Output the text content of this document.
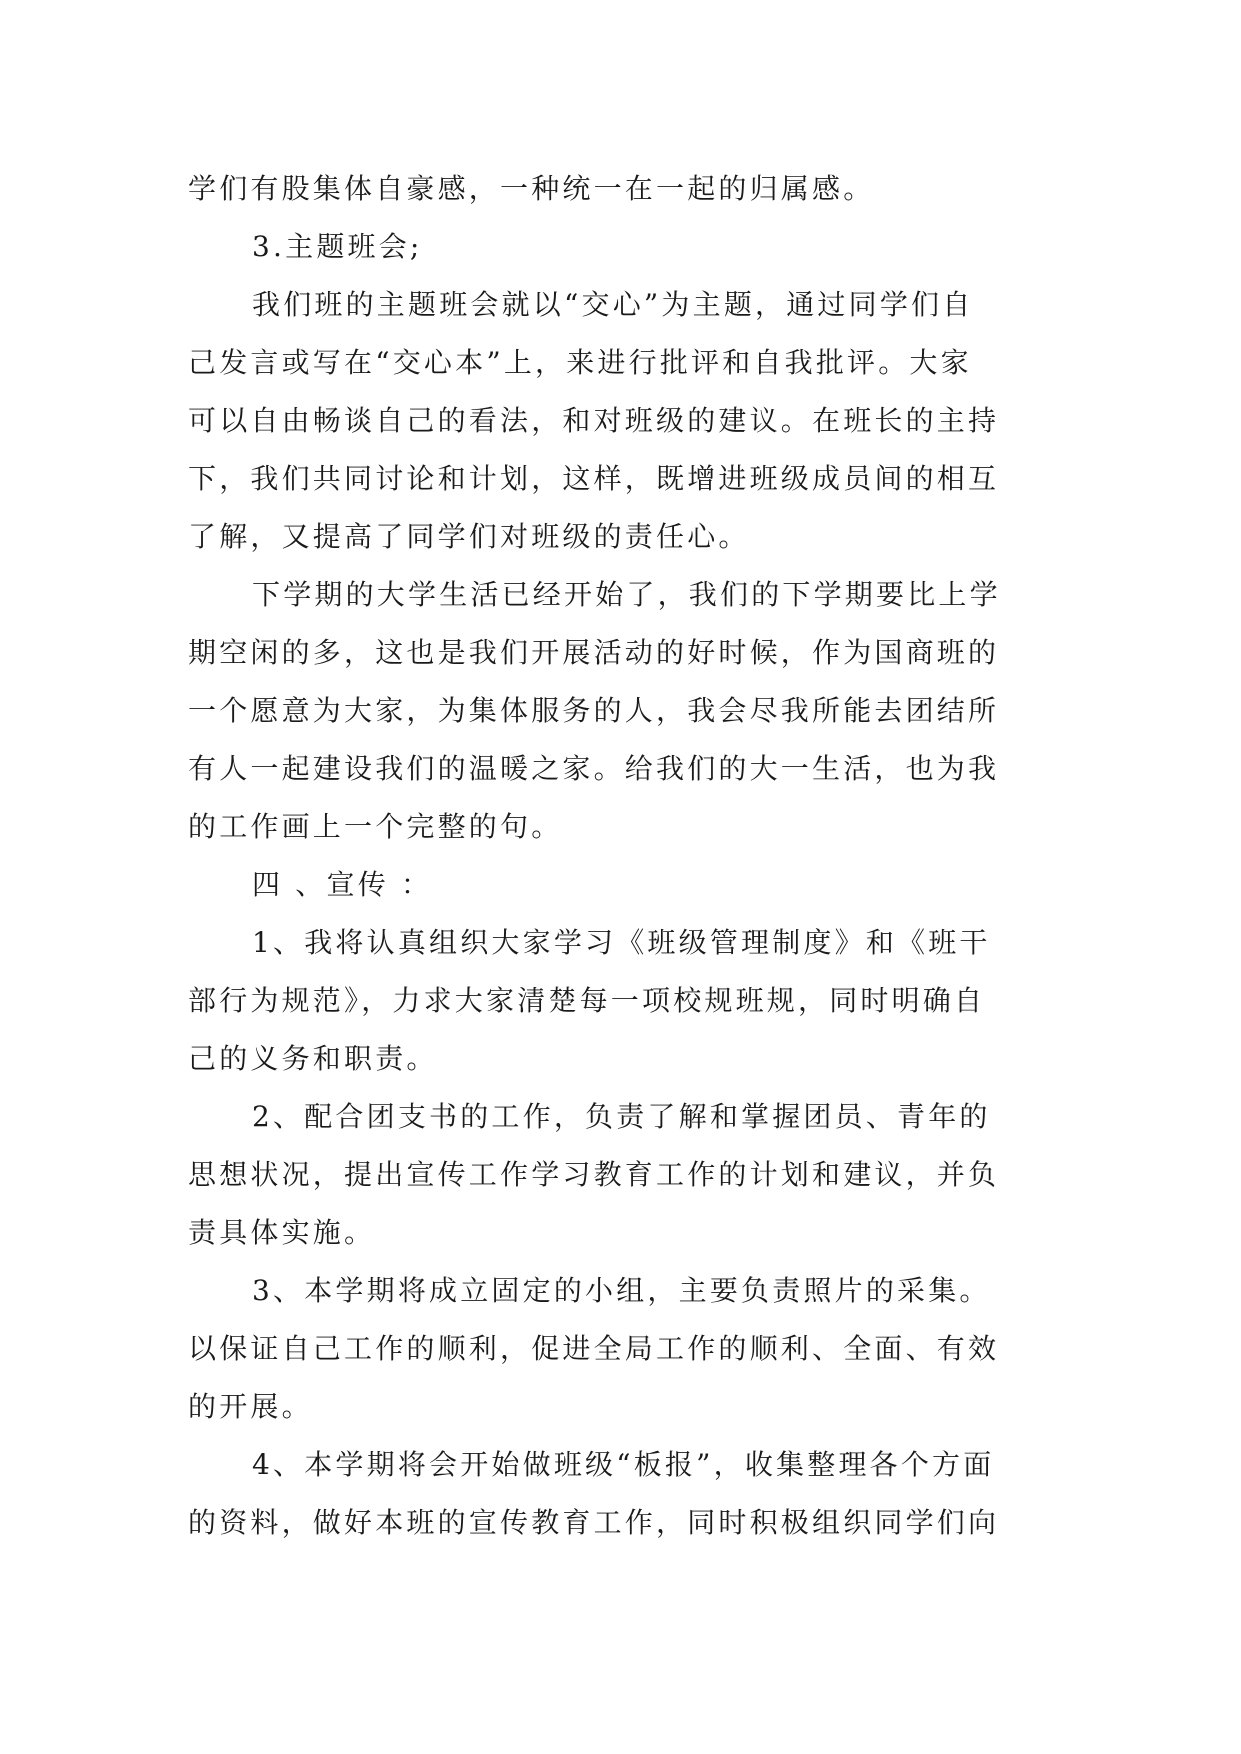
学们有股集体自豪感，一种统一在一起的归属感。
3.主题班会;
我们班的主题班会就以“交心”为主题，通过同学们自
己发言或写在“交心本”上，来进行批评和自我批评。大家
可以自由畅谈自己的看法，和对班级的建议。在班长的主持
下，我们共同讨论和计划，这样，既增进班级成员间的相互
了解，又提高了同学们对班级的责任心。
下学期的大学生活已经开始了，我们的下学期要比上学
期空闲的多，这也是我们开展活动的好时候，作为国商班的
一个愿意为大家，为集体服务的人，我会尽我所能去团结所
有人一起建设我们的温暖之家。给我们的大一生活，也为我
的工作画上一个完整的句。
四 、宣传 ：
1、我将认真组织大家学习《班级管理制度》和《班干
部行为规范》，力求大家清楚每一项校规班规，同时明确自
己的义务和职责。
2、配合团支书的工作，负责了解和掌握团员、青年的
思想状况，提出宣传工作学习教育工作的计划和建议，并负
责具体实施。
3、本学期将成立固定的小组，主要负责照片的采集。
以保证自己工作的顺利，促进全局工作的顺利、全面、有效
的开展。
4、本学期将会开始做班级“板报”，收集整理各个方面
的资料，做好本班的宣传教育工作，同时积极组织同学们向
